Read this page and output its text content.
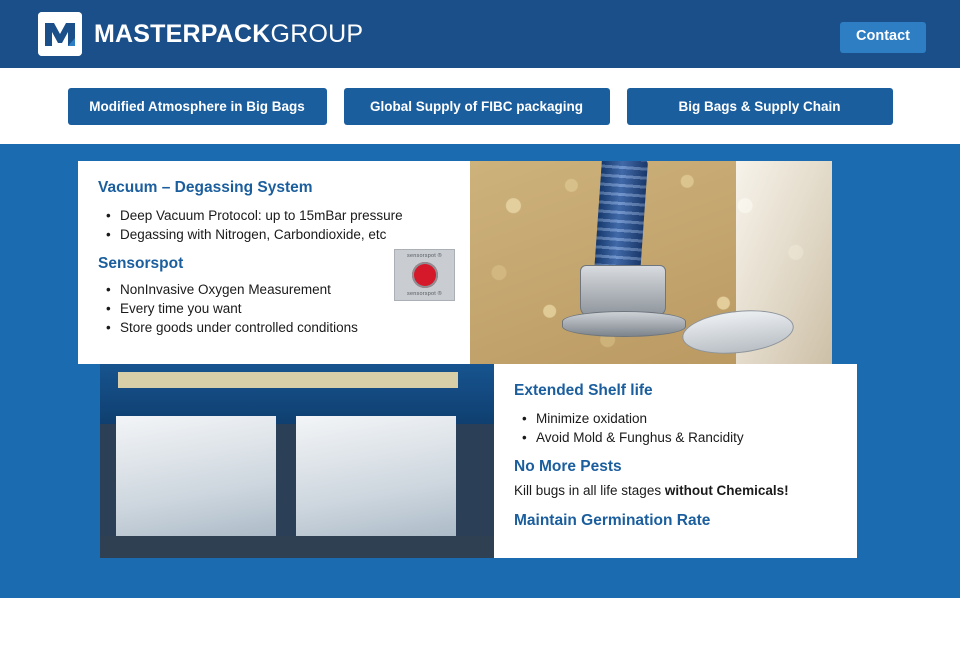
MASTERPACKGROUP	Contact
Modified Atmosphere in Big Bags	Global Supply of FIBC packaging	Big Bags & Supply Chain
Vacuum – Degassing System
• Deep Vacuum Protocol: up to 15mBar pressure
• Degassing with Nitrogen, Carbondioxide, etc
Sensorspot
• NonInvasive Oxygen Measurement
• Every time you want
• Store goods under controlled conditions
sensorspot ®
sensorspot ®
Extended Shelf life
• Minimize oxidation
• Avoid Mold & Funghus & Rancidity
No More Pests
Kill bugs in all life stages without Chemicals!
Maintain Germination Rate
